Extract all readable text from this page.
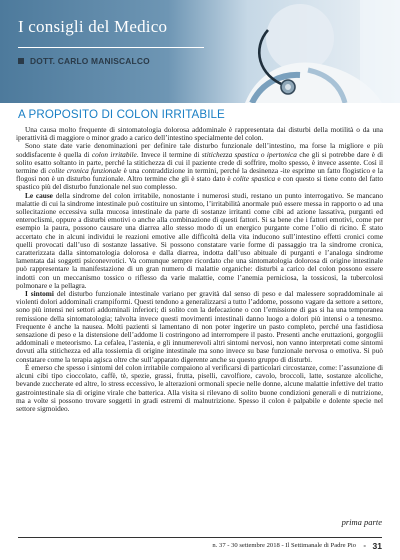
I consigli del Medico
DOTT. CARLO MANISCALCO
A PROPOSITO DI COLON IRRITABILE

Una causa molto frequente di sintomatologia dolorosa addominale è rappresentata dai disturbi della motilità o da una iperattività di maggiore o minor grado a carico dell’intestino specialmente del colon.

Sono state date varie denominazioni per definire tale disturbo funzionale dell’intestino, ma forse la migliore e più soddisfacente è quella di colon irritabile. Invece il termine di stitichezza spastica o ipertonica che gli si potrebbe dare è di solito esatto soltanto in parte, perché la stitichezza di cui il paziente crede di soffrire, molto spesso, è invece assente. Così il termine di colite cronica funzionale è una contraddizione in termini, perché la desinenza -ite esprime un fatto flogistico e la flogosi non è un disturbo funzionale. Altro termine che gli è stato dato è colite spastica e con questo si tiene conto del fatto spastico più del disturbo funzionale nel suo complesso.

Le cause della sindrome del colon irritabile, nonostante i numerosi studi, restano un punto interrogativo. Se mancano malattie di cui la sindrome intestinale può costituire un sintomo, l’irritabilità anormale può essere messa in rapporto o ad una sollecitazione eccessiva sulla mucosa intestinale da parte di sostanze irritanti come cibi ad azione lassativa, purganti ed enteroclismi, oppure a disturbi emotivi o anche alla combinazione di questi fattori. Si sa bene che i fattori emotivi, come per esempio la paura, possono causare una diarrea allo stesso modo di un energico purgante come l’olio di ricino. È stato accertato che in alcuni individui le reazioni emotive alle difficoltà della vita inducono sull’intestino effetti cronici come quelli provocati dall’uso di sostanze lassative. Si possono constatare varie forme di passaggio tra la sindrome cronica, caratterizzata dalla sintomatologia dolorosa e dalla diarrea, indotta dall’uso abituale di purganti e l’analoga sindrome lamentata dai soggetti psiconevrotici. Va comunque sempre ricordato che una sintomatologia dolorosa di origine intestinale può rappresentare la manifestazione di un gran numero di malattie organiche: disturbi a carico del colon possono essere indotti con un meccanismo tossico o riflesso da varie malattie, come l’anemia perniciosa, la tossicosi, la tubercolosi polmonare e la pellagra.

I sintomi del disturbo funzionale intestinale variano per gravità dal senso di peso e dal malessere sopraddominale ai violenti dolori addominali crampiformi. Questi tendono a generalizzarsi a tutto l’addome, possono vagare da settore a settore, sono più intensi nei settori addominali inferiori; di solito con la defecazione o con l’emissione di gas si ha una temporanea remissione della sintomatologia; talvolta invece questi movimenti intestinali danno luogo a dolori più intensi o a tenesmo. Frequente è anche la nausea. Molti pazienti si lamentano di non poter ingerire un pasto completo, perché una fastidiosa sensazione di peso e la distensione dell’addome li costringono ad interrompere il pasto. Presenti anche eruttazioni, gorgoglii addominali e meteorismo. La cefalea, l’astenia, e gli innumerevoli altri sintomi nervosi, non vanno interpretati come sintomi dovuti alla stitichezza ed alla tossiemia di origine intestinale ma sono invece su base funzionale nervosa o emotiva. Si può constatare come la terapia agisca oltre che sull’apparato digerente anche su questo gruppo di disturbi.

È emerso che spesso i sintomi del colon irritabile compaiono al verificarsi di particolari circostanze, come: l’assunzione di alcuni cibi tipo cioccolato, caffè, tè, spezie, grassi, frutta, piselli, cavolfiore, cavolo, broccoli, latte, sostanze alcoliche, bevande zuccherate ed altre, lo stress eccessivo, le alterazioni ormonali specie nelle donne, alcune malattie infettive del tratto gastrointestinale sia di origine virale che batterica. Alla visita si rilevano di solito buone condizioni generali e di nutrizione, ma a volte si possono trovare soggetti in gradi estremi di malnutrizione. Spesso il colon è palpabile e dolente specie nel settore sigmoideo.

prima parte

n. 37 - 30 settembre 2018 - Il Settimanale di Padre Pio - 31
